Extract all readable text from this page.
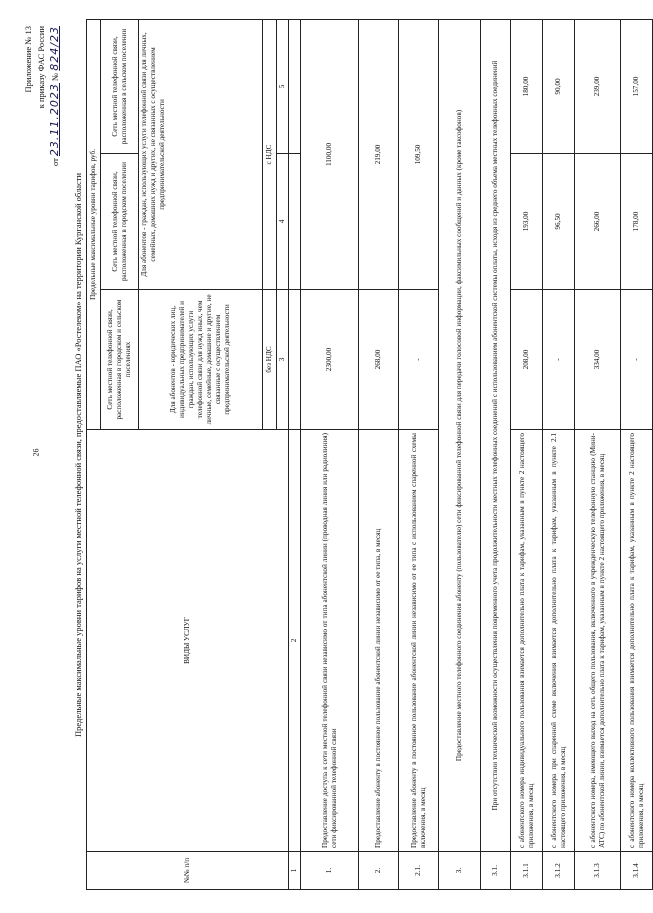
26
Приложение № 13 к приказу ФАС России
от 23.11.2023 № 824/23
Предельные максимальные уровни тарифов на услуги местной телефонной связи, предоставляемые ПАО «Ростелеком» на территории Курганской области
№№ п/п	ВИДЫ УСЛУГ	Предельные максимальные уровни тарифов, руб.		
		Сеть местной телефонной связи, расположенная в городском и сельском поселениях	Сеть местной телефонной связи, расположенная в городском поселении	Сеть местной телефонной связи, расположенная в сельском поселении
		Для абонентов - юридических лиц, индивидуальных предпринимателей и граждан, использующих услуги телефонной связи для нужд иных, чем личные, семейные, домашние и другие, не связанные с осуществлением предпринимательской деятельности	Для абонентов - граждан, использующих услуги телефонной связи для личных, семейных, домашних нужд и других, не связанных с осуществлением предпринимательской деятельности	
		без НДС	с НДС	
		3	4	5
1	2			
1.	Предоставление доступа к сети местной телефонной связи независимо от типа абонентской линии (проводная линия или радиолиния) сети фиксированной телефонной связи	2300,00	1100,00	
2.	Предоставление абоненту в постоянное пользование абонентской линии независимо от ее типа, в месяц	268,00	219,00	
2.1.	Предоставление абоненту в постоянное пользование абонентской линии независимо от ее типа с использованием спаренной схемы включения, в месяц	-	109,50	
3.	Предоставление местного телефонного соединения абоненту (пользователю) сети фиксированной телефонной связи для передачи голосовой информации, факсимильных сообщений и данных (кроме таксофонов)			
3.1.	При отсутствии технической возможности осуществления повременного учета продолжительности местных телефонных соединений с использованием абонентской системы оплаты, исходя из среднего объема местных телефонных соединений			
3.1.1	с абонентского номера индивидуального пользования взимается дополнительно плата к тарифам, указанным в пункте 2 настоящего приложения, в месяц	208,00	193,00	180,00
3.1.2	с абонентского номера при спаренной схеме включения взимается дополнительно плата к тарифам, указанным в пункте 2.1 настоящего приложения, в месяц	-	96,50	90,00
3.1.3	с абонентского номера, имеющего выход на сеть общего пользования, включенного в учрежденческую телефонную станцию (Мини-АТС) по абонентской линии, взимается дополнительно плата к тарифам, указанным в пункте 2 настоящего приложения, в месяц	334,00	266,00	239,00
3.1.4	с абонентского номера коллективного пользования взимается дополнительно плата к тарифам, указанным в пункте 2 настоящего приложения, в месяц	-	178,00	157,00
